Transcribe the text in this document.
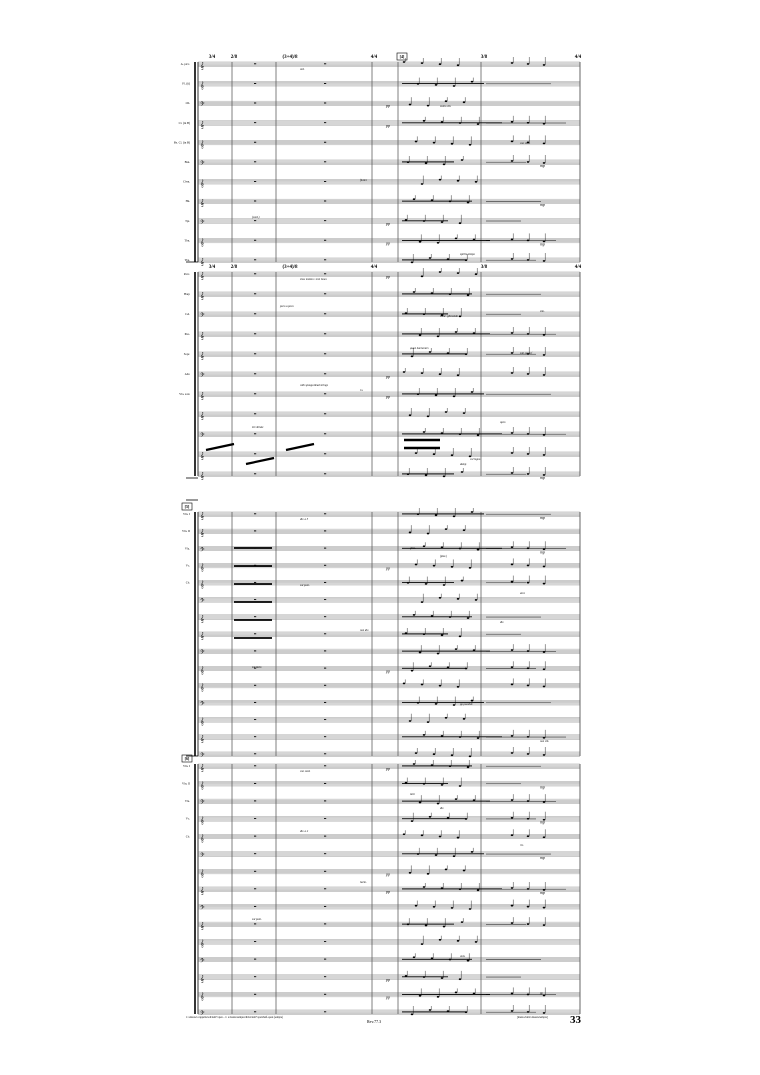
𝄞
A. picc.
𝄞
Fl. (ii)
𝄢
Ob.	pp
𝄞
Cl. (in B)	pp
𝄞
Bs. Cl. (in B)
𝄢
Bsn.
mp
𝄞
Cbsn.
𝄞
Hn.
mp
𝄢
Tpt.	pp
𝄞
Tbn.	pp	mp
𝄞
Tba.
3/4	2/8	(3+4)/8	4/4	3/8	4/4
[4]
ord.
molto vib.
con sord.
flutter.
(sord.)
spirito tempo
𝄞
Perc.	pp
𝄞
Harp
𝄢
Cel.
𝄞
Pno.
𝄞
Sopr.
𝄢
Alto	pp
𝄞
Vla. solo	pp
𝄞
𝄢
𝄞
𝄞	mp
3/4	2/8	(3+4)/8	4/4	3/8	4/4
slow motion / ord. bows
cresc. glissando
sub. poco f
l.v.
let vibrate
damp
sim.
quasi harmonics
with sponge/dead strings
open
col legno
poco a poco
𝄞
Vln. I
mp
𝄞
Vln. II
𝄢
Vla.
mp
𝄞
Vc.	pp
𝄞
Cb.
𝄢
𝄞
𝄞
𝄢
𝄞	pp
𝄞
𝄢
𝄞
𝄞
𝄢
[5]
div. a 3
(pizz.)
arco
non div.
sul tasto
pp possible
non vib.
gliss.
sul pont.
div.
𝄞
Vln. I	pp
𝄞
Vln. II
mp
𝄢
Vla.
𝄞
Vc.
mp
𝄞
Cb.
𝄢	mp
𝄞	pp
𝄞	pp	mp
𝄢
𝄞
𝄞
𝄢
𝄞	pp
𝄞	pp
𝄢
[6]
con sord.
div.
ric.
harm.
sul pont.
unis.
pp
tutti
div. a 2
33
Rev.77.3
1: unison/a cappella/soli/tutti+open – 1: a mezza/sempre/divisi/tutti+open/half-open (sempre)	[mezzo/tutti/a mezza/sempre]
